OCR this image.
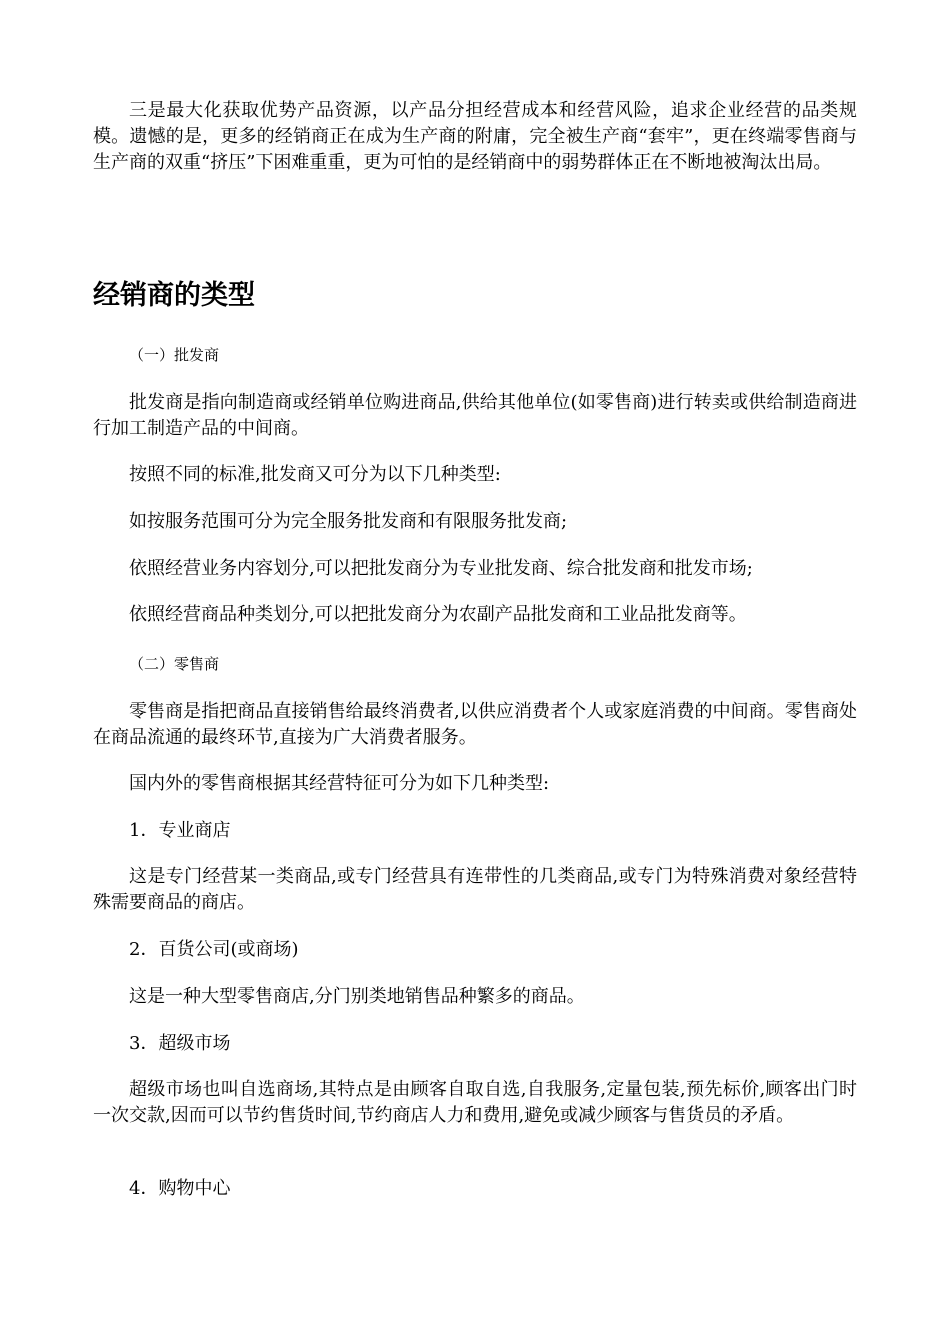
三是最大化获取优势产品资源，以产品分担经营成本和经营风险，追求企业经营的品类规模。遗憾的是，更多的经销商正在成为生产商的附庸，完全被生产商“套牢”，更在终端零售商与生产商的双重“挤压”下困难重重，更为可怕的是经销商中的弱势群体正在不断地被淘汰出局。

经销商的类型

（一）批发商

批发商是指向制造商或经销单位购进商品,供给其他单位(如零售商)进行转卖或供给制造商进行加工制造产品的中间商。

按照不同的标准,批发商又可分为以下几种类型:

如按服务范围可分为完全服务批发商和有限服务批发商;

依照经营业务内容划分,可以把批发商分为专业批发商、综合批发商和批发市场;

依照经营商品种类划分,可以把批发商分为农副产品批发商和工业品批发商等。

（二）零售商

零售商是指把商品直接销售给最终消费者,以供应消费者个人或家庭消费的中间商。零售商处在商品流通的最终环节,直接为广大消费者服务。

国内外的零售商根据其经营特征可分为如下几种类型:

1．专业商店

这是专门经营某一类商品,或专门经营具有连带性的几类商品,或专门为特殊消费对象经营特殊需要商品的商店。

2．百货公司(或商场)

这是一种大型零售商店,分门别类地销售品种繁多的商品。

3．超级市场

超级市场也叫自选商场,其特点是由顾客自取自选,自我服务,定量包装,预先标价,顾客出门时一次交款,因而可以节约售货时间,节约商店人力和费用,避免或减少顾客与售货员的矛盾。

4．购物中心
